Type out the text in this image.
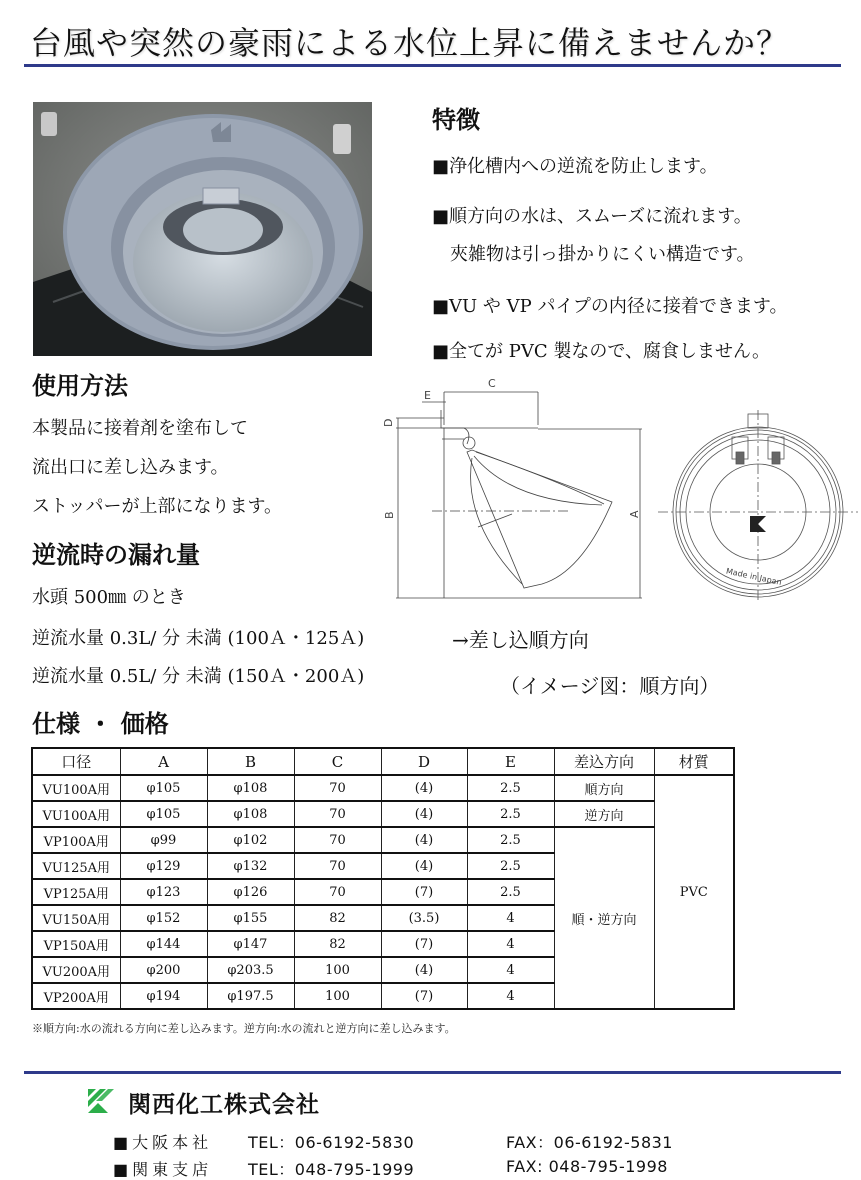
台風や突然の豪雨による水位上昇に備えませんか？
特徴
■浄化槽内への逆流を防止します。
■順方向の水は、スムーズに流れます。
　夾雑物は引っ掛かりにくい構造です。
■VU や VP パイプの内径に接着できます。
■全てが PVC 製なので、腐食しません。
使用方法
本製品に接着剤を塗布して
流出口に差し込みます。
ストッパーが上部になります。
逆流時の漏れ量
水頭 500㎜ のとき
逆流水量 0.3L/ 分 未満 (100Ａ・125Ａ)
逆流水量 0.5L/ 分 未満 (150Ａ・200Ａ)
C
E
D
B	A
Made in Japan
→差し込順方向
（イメージ図：順方向）
仕様 ・ 価格
口径	A	B	C	D	E	差込方向	材質
VU100A用	φ105	φ108	70	(4)	2.5	順方向	PVC
VU100A用	φ105	φ108	70	(4)	2.5	逆方向	
VP100A用	φ99	φ102	70	(4)	2.5	順・逆方向	
VU125A用	φ129	φ132	70	(4)	2.5		
VP125A用	φ123	φ126	70	(7)	2.5		
VU150A用	φ152	φ155	82	(3.5)	4		
VP150A用	φ144	φ147	82	(7)	4		
VU200A用	φ200	φ203.5	100	(4)	4		
VP200A用	φ194	φ197.5	100	(7)	4		
※順方向:水の流れる方向に差し込みます。逆方向:水の流れと逆方向に差し込みます。
関西化工株式会社
■大阪本社	TEL：06-6192-5830	FAX：06-6192-5831
■関東支店	TEL：048-795-1999	FAX: 048-795-1998
